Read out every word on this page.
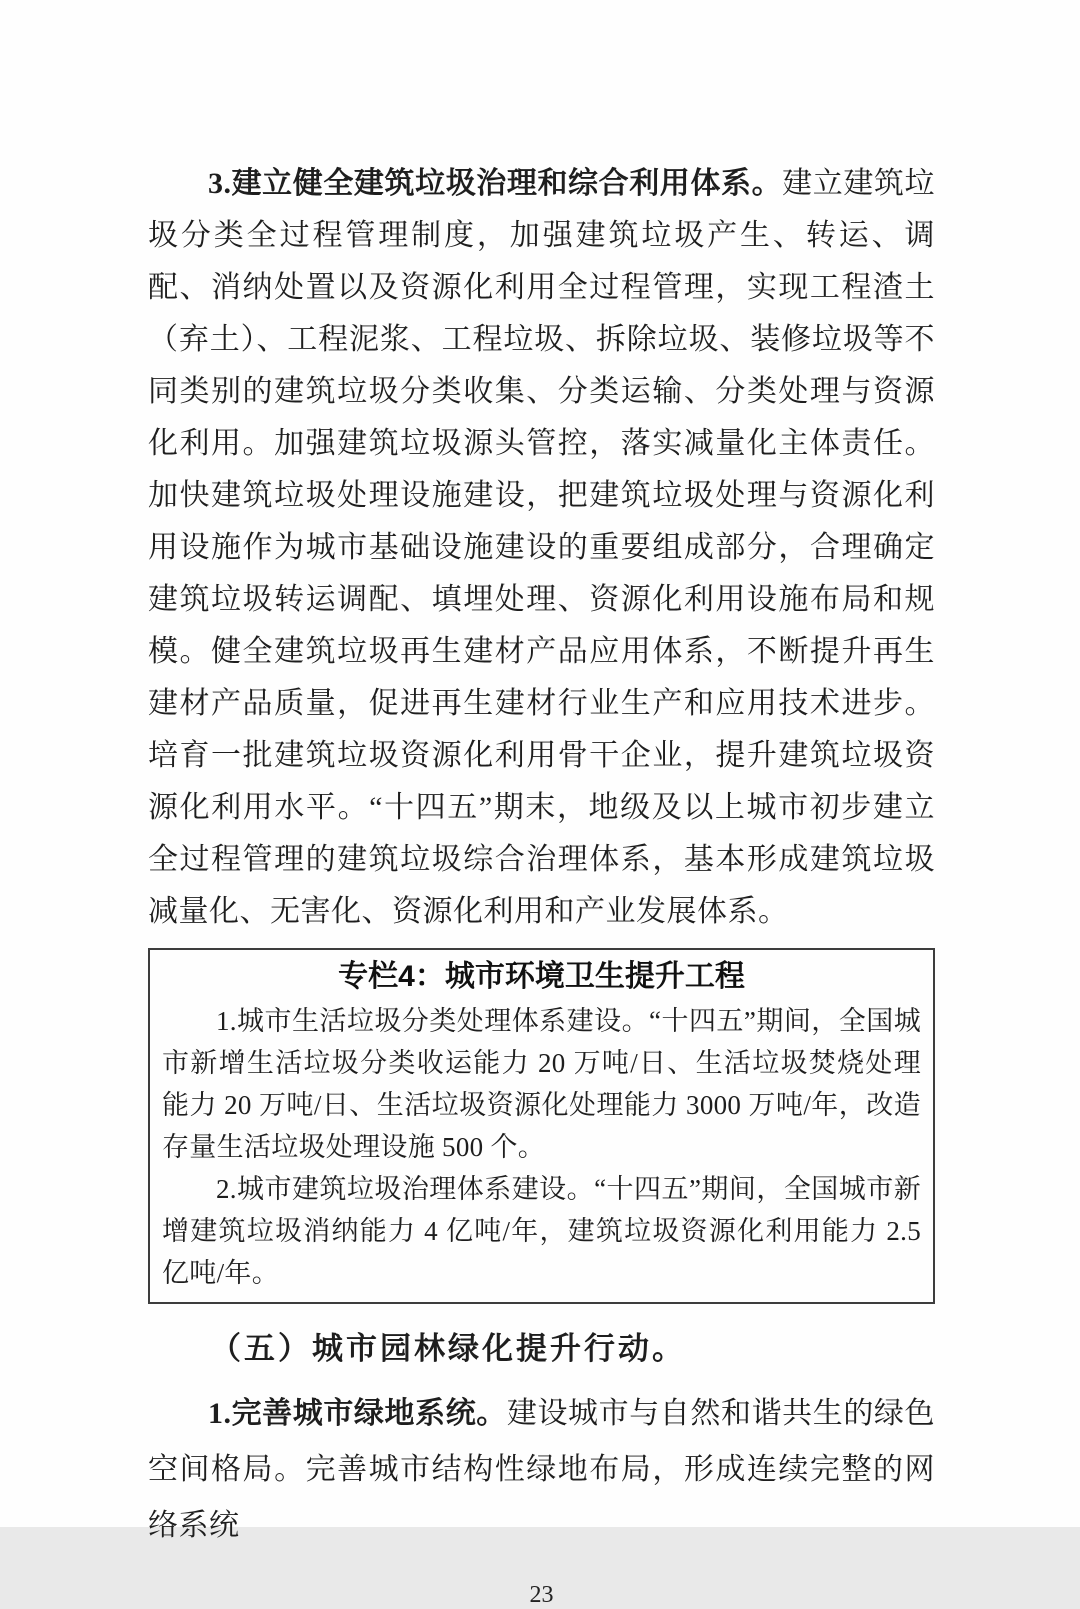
3.建立健全建筑垃圾治理和综合利用体系。建立建筑垃圾分类全过程管理制度，加强建筑垃圾产生、转运、调配、消纳处置以及资源化利用全过程管理，实现工程渣土（弃土）、工程泥浆、工程垃圾、拆除垃圾、装修垃圾等不同类别的建筑垃圾分类收集、分类运输、分类处理与资源化利用。加强建筑垃圾源头管控，落实减量化主体责任。加快建筑垃圾处理设施建设，把建筑垃圾处理与资源化利用设施作为城市基础设施建设的重要组成部分，合理确定建筑垃圾转运调配、填埋处理、资源化利用设施布局和规模。健全建筑垃圾再生建材产品应用体系，不断提升再生建材产品质量，促进再生建材行业生产和应用技术进步。培育一批建筑垃圾资源化利用骨干企业，提升建筑垃圾资源化利用水平。“十四五”期末，地级及以上城市初步建立全过程管理的建筑垃圾综合治理体系，基本形成建筑垃圾减量化、无害化、资源化利用和产业发展体系。

专栏4：城市环境卫生提升工程

1.城市生活垃圾分类处理体系建设。“十四五”期间，全国城市新增生活垃圾分类收运能力 20 万吨/日、生活垃圾焚烧处理能力 20 万吨/日、生活垃圾资源化处理能力 3000 万吨/年，改造存量生活垃圾处理设施 500 个。

2.城市建筑垃圾治理体系建设。“十四五”期间，全国城市新增建筑垃圾消纳能力 4 亿吨/年，建筑垃圾资源化利用能力 2.5 亿吨/年。

（五）城市园林绿化提升行动。

1.完善城市绿地系统。建设城市与自然和谐共生的绿色空间格局。完善城市结构性绿地布局，形成连续完整的网络系统

23
